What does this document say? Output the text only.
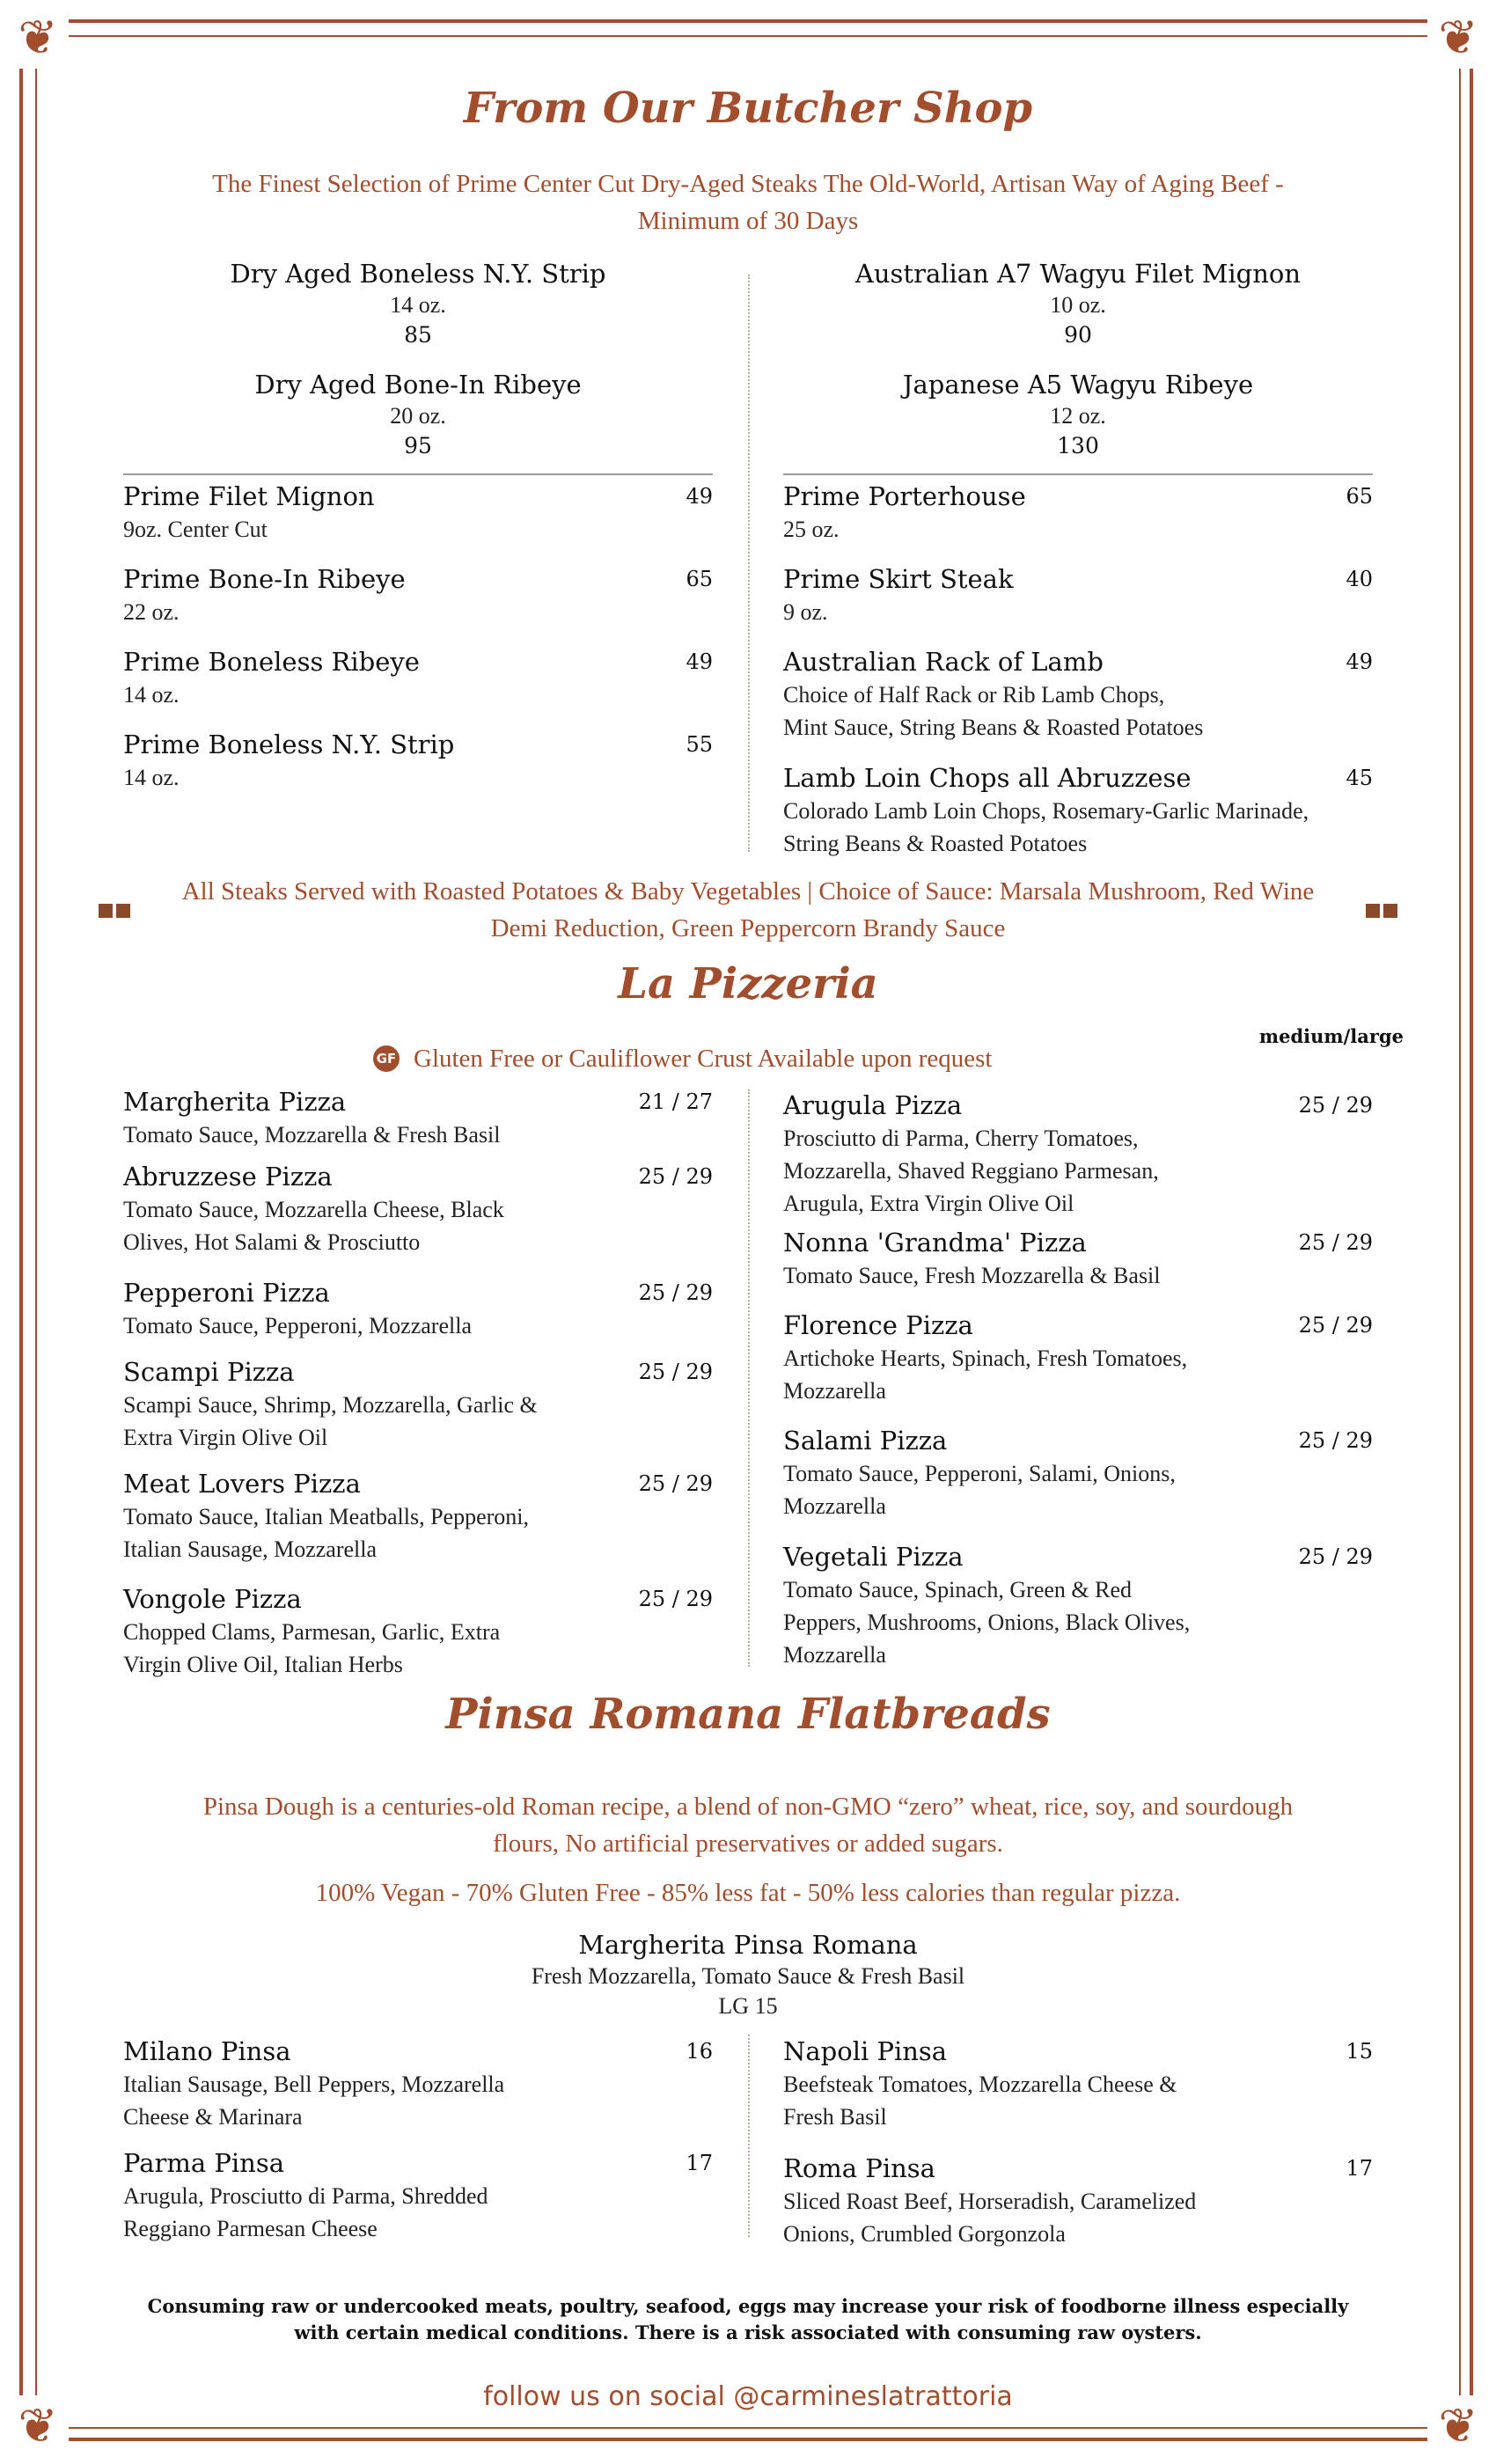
❦	❦
❦	❦
From Our Butcher Shop
The Finest Selection of Prime Center Cut Dry-Aged Steaks The Old-World, Artisan Way of Aging Beef - Minimum of 30 Days
Dry Aged Boneless N.Y. Strip
14 oz.
85
Dry Aged Bone-In Ribeye
20 oz.
95
Australian A7 Wagyu Filet Mignon
10 oz.
90
Japanese A5 Wagyu Ribeye
12 oz.
130
Prime Filet Mignon
9oz. Center Cut
49
Prime Bone-In Ribeye
22 oz.
65
Prime Boneless Ribeye
14 oz.
49
Prime Boneless N.Y. Strip
14 oz.
55
Prime Porterhouse
25 oz.
65
Prime Skirt Steak
9 oz.
40
Australian Rack of Lamb
Choice of Half Rack or Rib Lamb Chops,
Mint Sauce, String Beans & Roasted Potatoes
49
Lamb Loin Chops all Abruzzese
Colorado Lamb Loin Chops, Rosemary-Garlic Marinade,
String Beans & Roasted Potatoes
45
All Steaks Served with Roasted Potatoes & Baby Vegetables | Choice of Sauce: Marsala Mushroom, Red Wine Demi Reduction, Green Peppercorn Brandy Sauce
La Pizzeria
medium/large
GF Gluten Free or Cauliflower Crust Available upon request
Margherita Pizza
Tomato Sauce, Mozzarella & Fresh Basil
21 / 27
Abruzzese Pizza
Tomato Sauce, Mozzarella Cheese, Black
Olives, Hot Salami & Prosciutto
25 / 29
Pepperoni Pizza
Tomato Sauce, Pepperoni, Mozzarella
25 / 29
Scampi Pizza
Scampi Sauce, Shrimp, Mozzarella, Garlic &
Extra Virgin Olive Oil
25 / 29
Meat Lovers Pizza
Tomato Sauce, Italian Meatballs, Pepperoni,
Italian Sausage, Mozzarella
25 / 29
Vongole Pizza
Chopped Clams, Parmesan, Garlic, Extra
Virgin Olive Oil, Italian Herbs
25 / 29
Arugula Pizza
Prosciutto di Parma, Cherry Tomatoes,
Mozzarella, Shaved Reggiano Parmesan,
Arugula, Extra Virgin Olive Oil
25 / 29
Nonna 'Grandma' Pizza
Tomato Sauce, Fresh Mozzarella & Basil
25 / 29
Florence Pizza
Artichoke Hearts, Spinach, Fresh Tomatoes,
Mozzarella
25 / 29
Salami Pizza
Tomato Sauce, Pepperoni, Salami, Onions,
Mozzarella
25 / 29
Vegetali Pizza
Tomato Sauce, Spinach, Green & Red
Peppers, Mushrooms, Onions, Black Olives,
Mozzarella
25 / 29
Pinsa Romana Flatbreads
Pinsa Dough is a centuries-old Roman recipe, a blend of non-GMO “zero” wheat, rice, soy, and sourdough flours, No artificial preservatives or added sugars.
100% Vegan - 70% Gluten Free - 85% less fat - 50% less calories than regular pizza.
Margherita Pinsa Romana
Fresh Mozzarella, Tomato Sauce & Fresh Basil
LG 15
Milano Pinsa
Italian Sausage, Bell Peppers, Mozzarella
Cheese & Marinara
16
Parma Pinsa
Arugula, Prosciutto di Parma, Shredded
Reggiano Parmesan Cheese
17
Napoli Pinsa
Beefsteak Tomatoes, Mozzarella Cheese &
Fresh Basil
15
Roma Pinsa
Sliced Roast Beef, Horseradish, Caramelized
Onions, Crumbled Gorgonzola
17
Consuming raw or undercooked meats, poultry, seafood, eggs may increase your risk of foodborne illness especially with certain medical conditions. There is a risk associated with consuming raw oysters.
follow us on social @carmineslatrattoria
